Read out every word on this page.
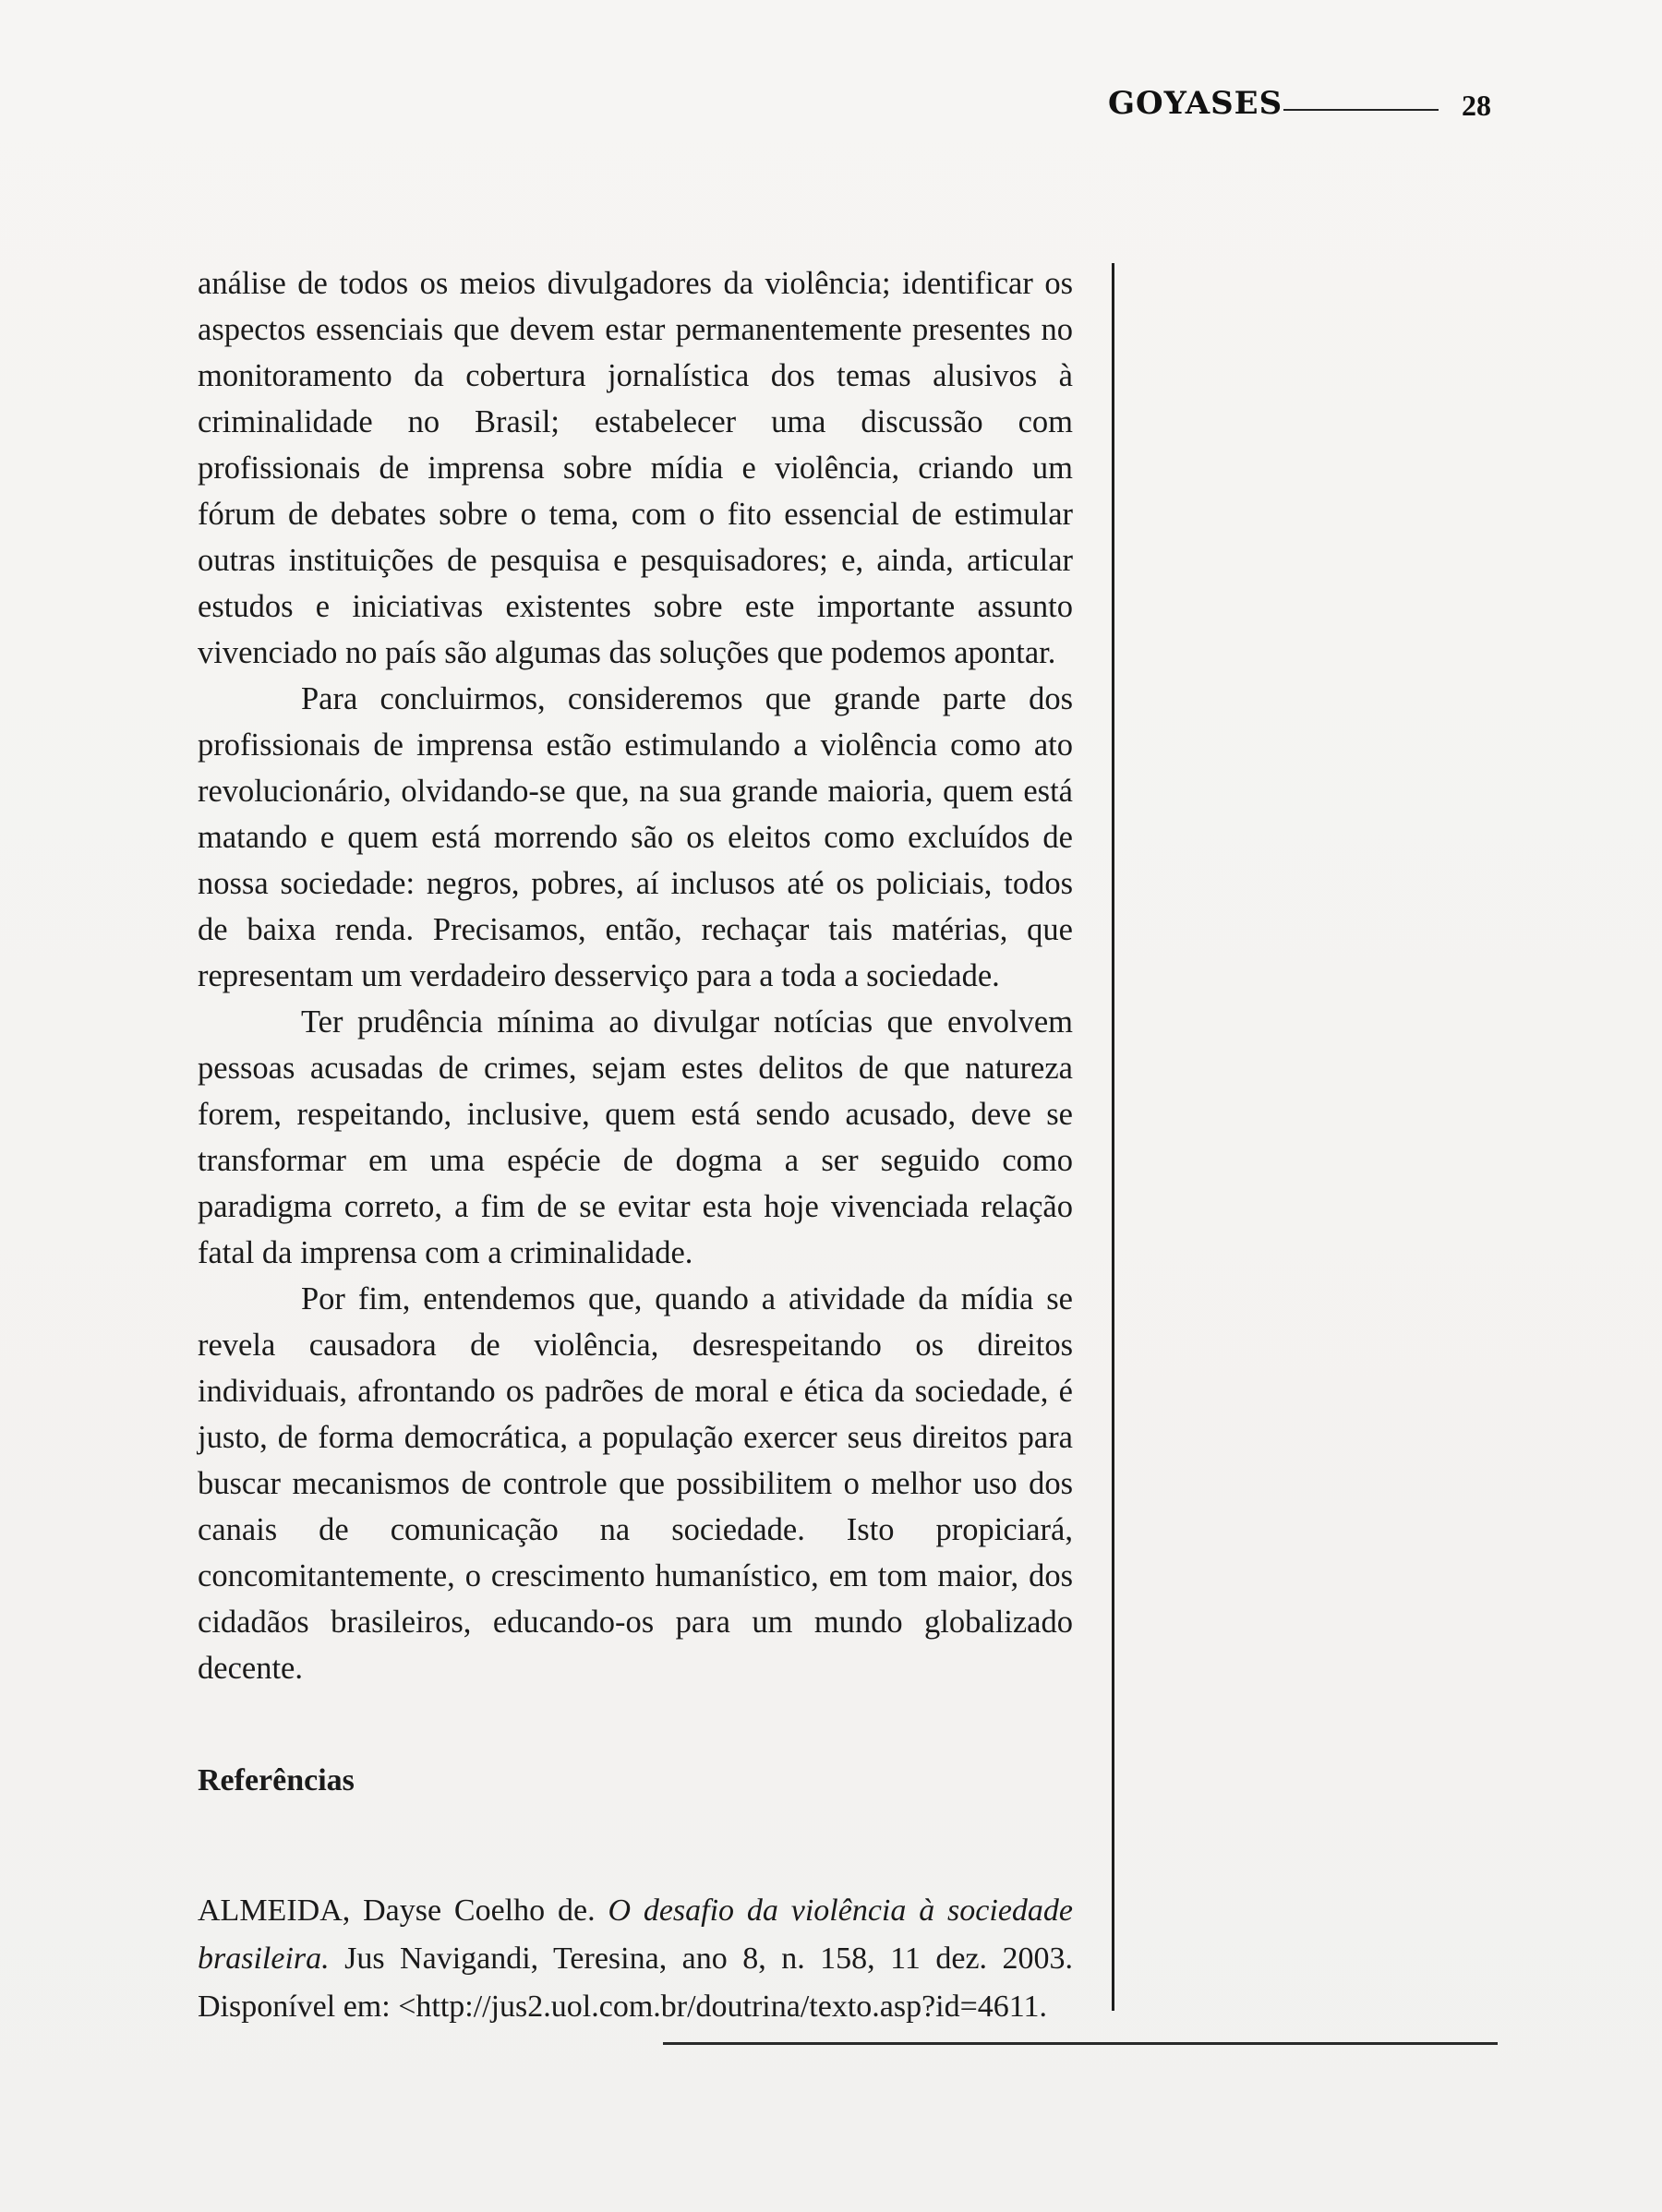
GOYASES	28

análise de todos os meios divulgadores da violência; identificar os aspectos essenciais que devem estar permanentemente presentes no monitoramento da cobertura jornalística dos temas alusivos à criminalidade no Brasil; estabelecer uma discussão com profissionais de imprensa sobre mídia e violência, criando um fórum de debates sobre o tema, com o fito essencial de estimular outras instituições de pesquisa e pesquisadores; e, ainda, articular estudos e iniciativas existentes sobre este importante assunto vivenciado no país são algumas das soluções que podemos apontar.

Para concluirmos, consideremos que grande parte dos profissionais de imprensa estão estimulando a violência como ato revolucionário, olvidando-se que, na sua grande maioria, quem está matando e quem está morrendo são os eleitos como excluídos de nossa sociedade: negros, pobres, aí inclusos até os policiais, todos de baixa renda. Precisamos, então, rechaçar tais matérias, que representam um verdadeiro desserviço para a toda a sociedade.

Ter prudência mínima ao divulgar notícias que envolvem pessoas acusadas de crimes, sejam estes delitos de que natureza forem, respeitando, inclusive, quem está sendo acusado, deve se transformar em uma espécie de dogma a ser seguido como paradigma correto, a fim de se evitar esta hoje vivenciada relação fatal da imprensa com a criminalidade.

Por fim, entendemos que, quando a atividade da mídia se revela causadora de violência, desrespeitando os direitos individuais, afrontando os padrões de moral e ética da sociedade, é justo, de forma democrática, a população exercer seus direitos para buscar mecanismos de controle que possibilitem o melhor uso dos canais de comunicação na sociedade. Isto propiciará, concomitantemente, o crescimento humanístico, em tom maior, dos cidadãos brasileiros, educando-os para um mundo globalizado decente.

Referências

ALMEIDA, Dayse Coelho de. O desafio da violência à sociedade brasileira. Jus Navigandi, Teresina, ano 8, n. 158, 11 dez. 2003. Disponível em: <http://jus2.uol.com.br/doutrina/texto.asp?id=4611.
